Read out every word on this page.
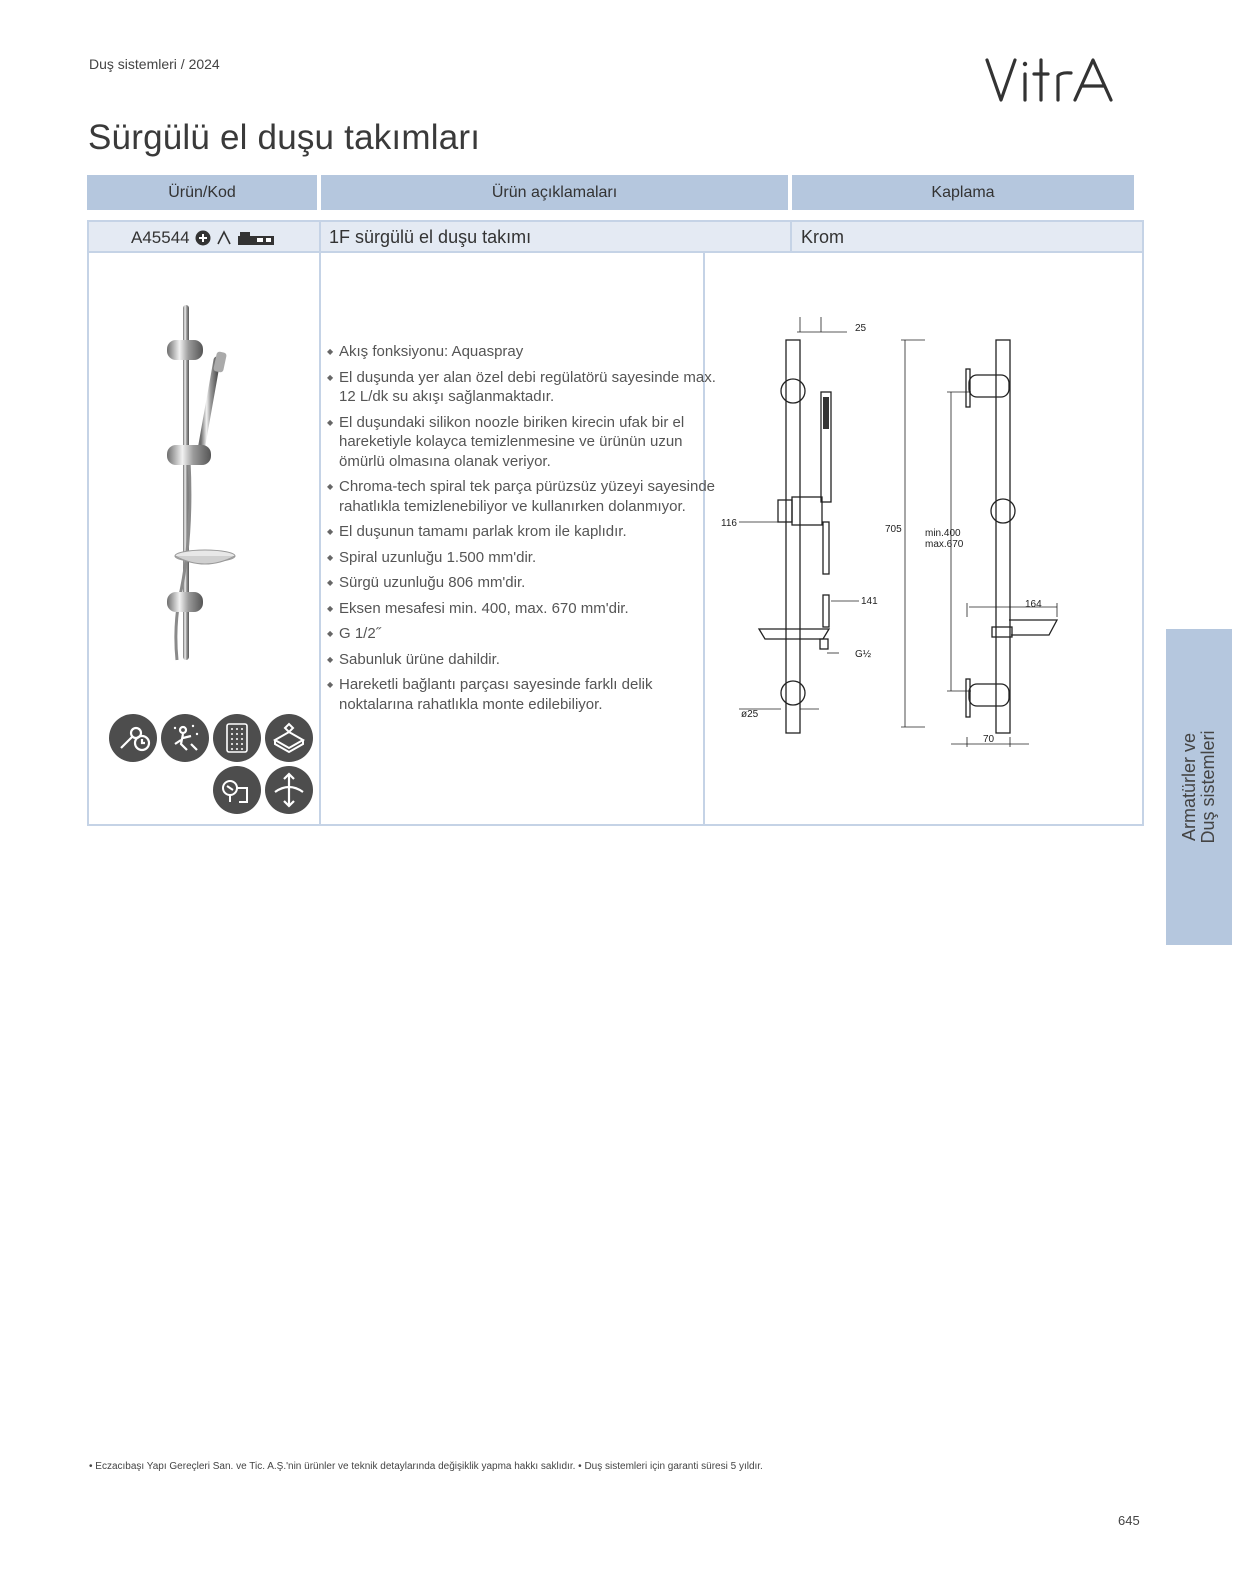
Duş sistemleri / 2024
Sürgülü el duşu takımları
Ürün/Kod	Ürün açıklamaları	Kaplama
A45544	1F sürgülü el duşu takımı	Krom
◆ Akış fonksiyonu: Aquaspray
◆ El duşunda yer alan özel debi regülatörü sayesinde max. 12 L/dk su akışı sağlanmaktadır.
◆ El duşundaki silikon noozle biriken kirecin ufak bir el hareketiyle kolayca temizlenmesine ve ürünün uzun ömürlü olmasına olanak veriyor.
◆ Chroma-tech spiral tek parça pürüzsüz yüzeyi sayesinde rahatlıkla temizlenebiliyor ve kullanırken dolanmıyor.
◆ El duşunun tamamı parlak krom ile kaplıdır.
◆ Spiral uzunluğu 1.500 mm'dir.
◆ Sürgü uzunluğu 806 mm'dir.
◆ Eksen mesafesi min. 400, max. 670 mm'dir.
◆ G 1/2˝
◆ Sabunluk ürüne dahildir.
◆ Hareketli bağlantı parçası sayesinde farklı delik noktalarına rahatlıkla monte edilebiliyor.
25
116
705 min.400
max.670
141	164
G½
ø25
70	Armatürler ve Duş sistemleri
• Eczacıbaşı Yapı Gereçleri San. ve Tic. A.Ş.'nin ürünler ve teknik detaylarında değişiklik yapma hakkı saklıdır. • Duş sistemleri için garanti süresi 5 yıldır.
645
